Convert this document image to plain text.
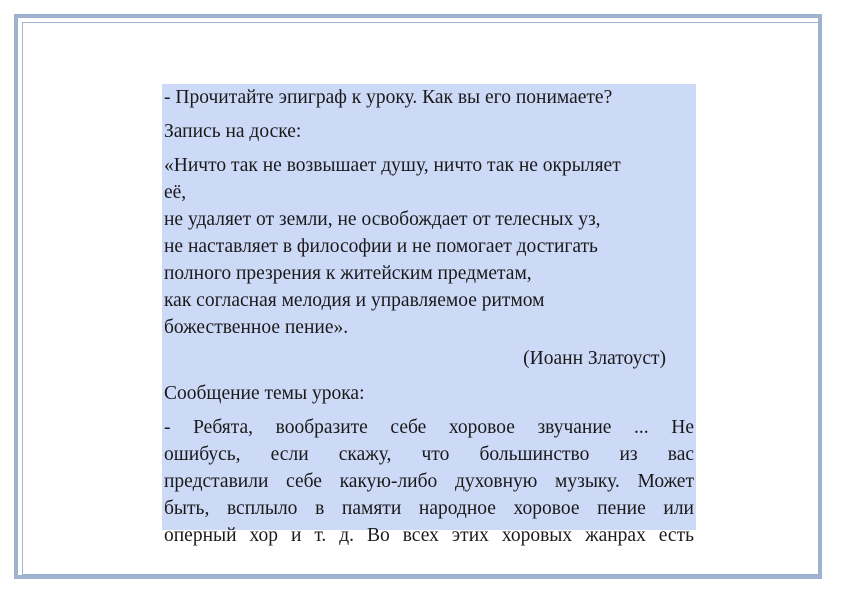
- Прочитайте эпиграф к уроку. Как вы его понимаете?

Запись на доске:

«Ничто так не возвышает душу, ничто так не окрыляет
её,
не удаляет от земли, не освобождает от телесных уз,
не наставляет в философии и не помогает достигать
полного презрения к житейским предметам,
как согласная мелодия и управляемое ритмом
божественное пение».

(Иоанн Златоуст)

Сообщение темы урока:

- Ребята, вообразите себе хоровое звучание ... Не
ошибусь, если скажу, что большинство из вас
представили себе какую-либо духовную музыку. Может
быть, всплыло в памяти народное хоровое пение или
оперный хор и т. д. Во всех этих хоровых жанрах есть
